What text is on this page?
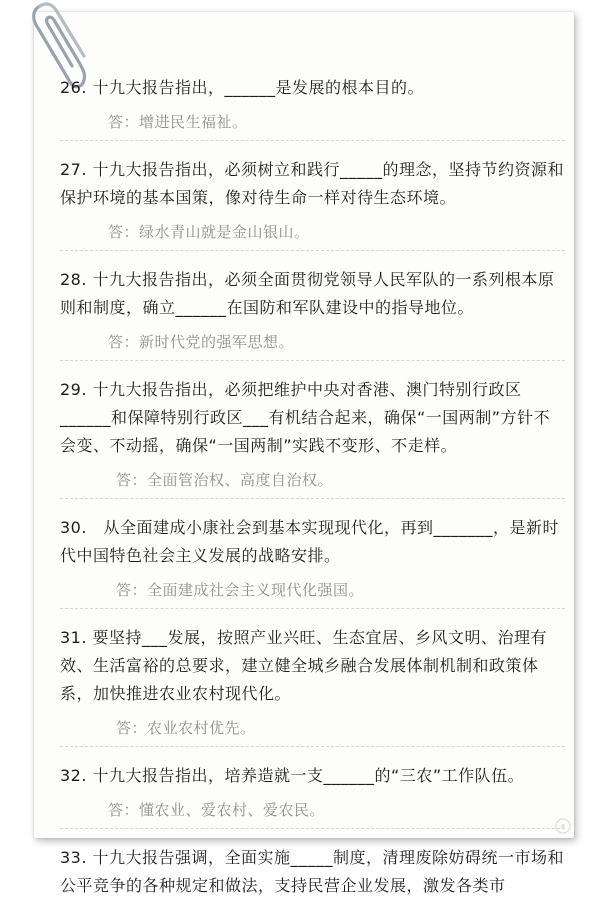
26. 十九大报告指出，______是发展的根本目的。

答：增进民生福祉。

27. 十九大报告指出，必须树立和践行_____的理念，坚持节约资源和保护环境的基本国策，像对待生命一样对待生态环境。

答：绿水青山就是金山银山。

28. 十九大报告指出，必须全面贯彻党领导人民军队的一系列根本原则和制度，确立______在国防和军队建设中的指导地位。

答：新时代党的强军思想。

29. 十九大报告指出，必须把维护中央对香港、澳门特别行政区______和保障特别行政区___有机结合起来，确保“一国两制”方针不会变、不动摇，确保“一国两制”实践不变形、不走样。

答：全面管治权、高度自治权。

30.　从全面建成小康社会到基本实现现代化，再到_______，是新时代中国特色社会主义发展的战略安排。

答：全面建成社会主义现代化强国。

31. 要坚持___发展，按照产业兴旺、生态宜居、乡风文明、治理有效、生活富裕的总要求，建立健全城乡融合发展体制机制和政策体系，加快推进农业农村现代化。

答：农业农村优先。

32. 十九大报告指出，培养造就一支______的“三农”工作队伍。

答：懂农业、爱农村、爱农民。

33. 十九大报告强调，全面实施_____制度，清理废除妨碍统一市场和公平竞争的各种规定和做法，支持民营企业发展，激发各类市
